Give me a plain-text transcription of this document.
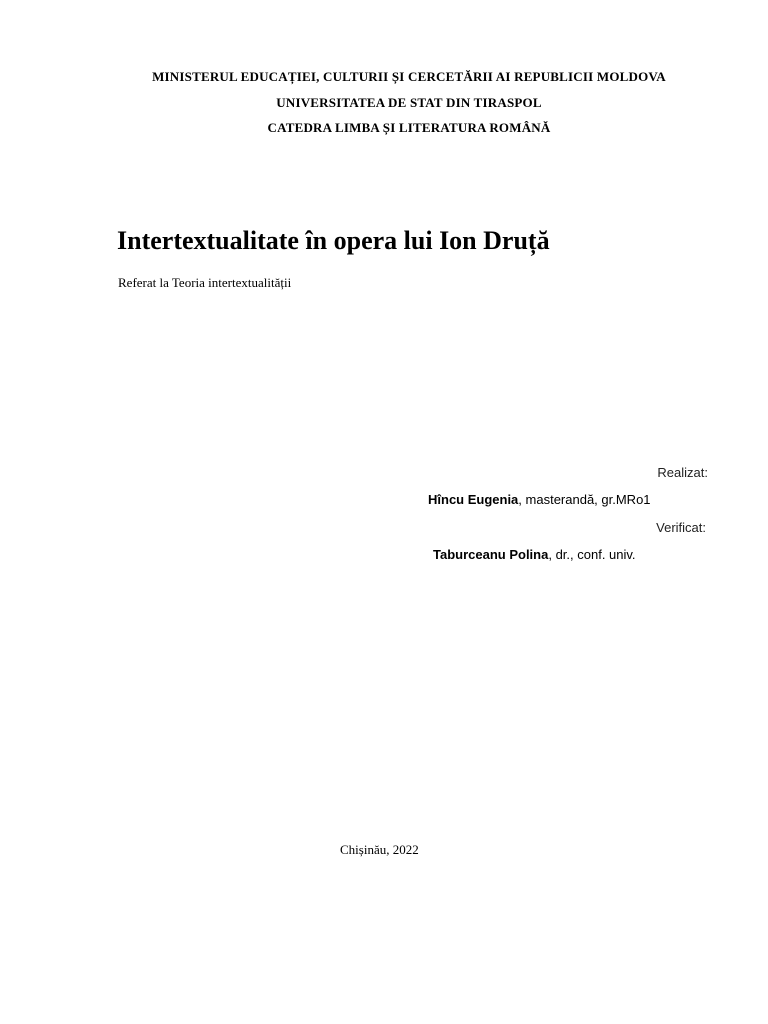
MINISTERUL EDUCAȚIEI, CULTURII ȘI CERCETĂRII AI REPUBLICII MOLDOVA
UNIVERSITATEA DE STAT DIN TIRASPOL
CATEDRA LIMBA ȘI LITERATURA ROMÂNĂ
Intertextualitate în opera lui Ion Druță
Referat la Teoria intertextualității
Realizat:
Hîncu Eugenia, masterandă, gr.MRo1
Verificat:
Taburceanu Polina, dr., conf. univ.
Chișinău, 2022
